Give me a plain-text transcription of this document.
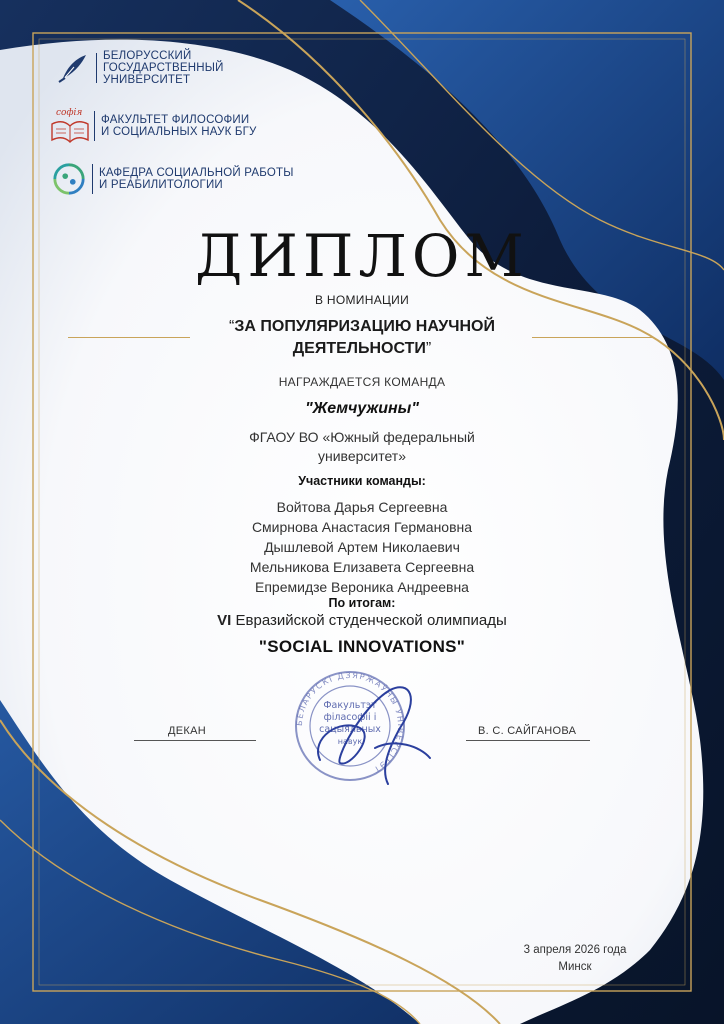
БЕЛОРУССКИЙ
ГОСУДАРСТВЕННЫЙ
УНИВЕРСИТЕТ
софія
ФАКУЛЬТЕТ ФИЛОСОФИИ
И СОЦИАЛЬНЫХ НАУК БГУ
КАФЕДРА СОЦИАЛЬНОЙ РАБОТЫ
И РЕАБИЛИТОЛОГИИ
ДИПЛОМ
В НОМИНАЦИИ
“ЗА ПОПУЛЯРИЗАЦИЮ НАУЧНОЙ
ДЕЯТЕЛЬНОСТИ”
НАГРАЖДАЕТСЯ КОМАНДА
"Жемчужины"
ФГАОУ ВО «Южный федеральный
университет»
Участники команды:
Войтова Дарья Сергеевна
Смирнова Анастасия Германовна
Дышлевой Артем Николаевич
Мельникова Елизавета Сергеевна
Епремидзе Вероника Андреевна
По итогам:
VI Евразийской студенческой олимпиады
"SOCIAL INNOVATIONS"
БЕЛАРУСКІ ДЗЯРЖАЎНЫ УНІВЕРСІТЭТ
Факультэт
філасофіі і
сацыяльных
навук
ДЕКАН	В. С. САЙГАНОВА
3 апреля 2026 года
Минск
